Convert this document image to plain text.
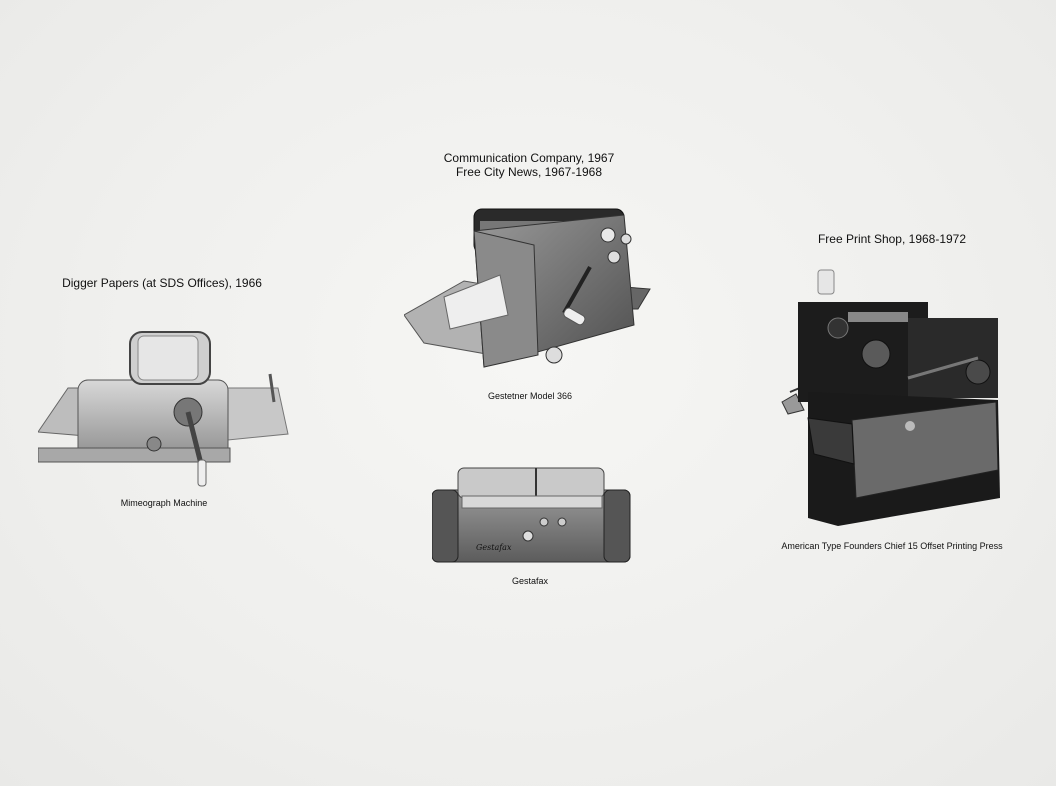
Digger Papers (at SDS Offices), 1966
Mimeograph Machine
Communication Company, 1967
Free City News, 1967-1968
Gestetner Model 366
Gestafax
Gestafax
Free Print Shop, 1968-1972
American Type Founders Chief 15 Offset Printing Press
